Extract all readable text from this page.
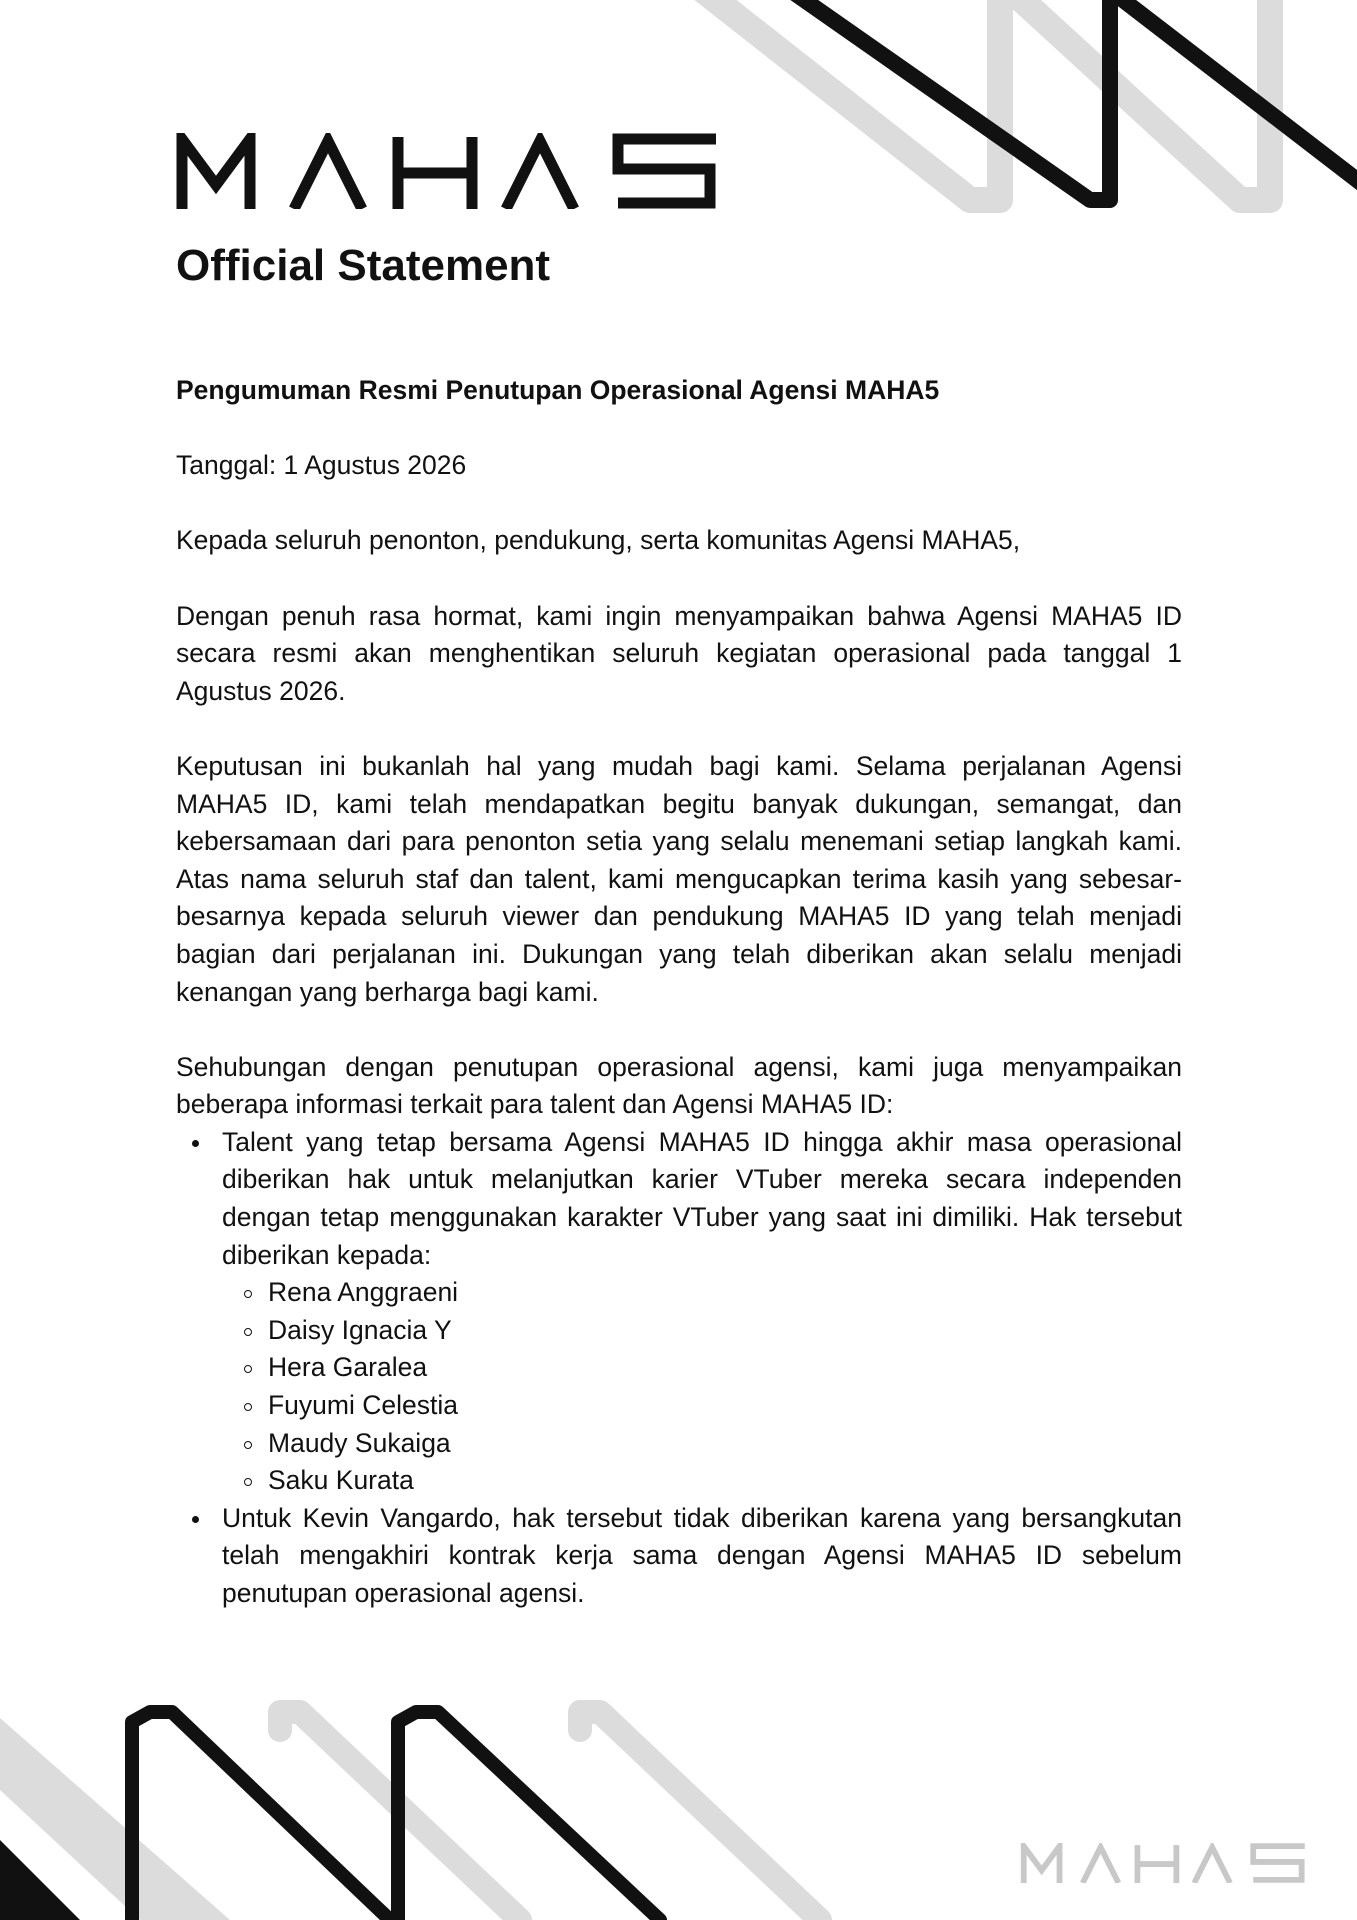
Official Statement

Pengumuman Resmi Penutupan Operasional Agensi MAHA5

Tanggal: 1 Agustus 2026

Kepada seluruh penonton, pendukung, serta komunitas Agensi MAHA5,

Dengan penuh rasa hormat, kami ingin menyampaikan bahwa Agensi MAHA5 ID secara resmi akan menghentikan seluruh kegiatan operasional pada tanggal 1 Agustus 2026.

Keputusan ini bukanlah hal yang mudah bagi kami. Selama perjalanan Agensi MAHA5 ID, kami telah mendapatkan begitu banyak dukungan, semangat, dan kebersamaan dari para penonton setia yang selalu menemani setiap langkah kami. Atas nama seluruh staf dan talent, kami mengucapkan terima kasih yang sebesar-besarnya kepada seluruh viewer dan pendukung MAHA5 ID yang telah menjadi bagian dari perjalanan ini. Dukungan yang telah diberikan akan selalu menjadi kenangan yang berharga bagi kami.

Sehubungan dengan penutupan operasional agensi, kami juga menyampaikan beberapa informasi terkait para talent dan Agensi MAHA5 ID:

Talent yang tetap bersama Agensi MAHA5 ID hingga akhir masa operasional diberikan hak untuk melanjutkan karier VTuber mereka secara independen dengan tetap menggunakan karakter VTuber yang saat ini dimiliki. Hak tersebut diberikan kepada:
Rena Anggraeni
Daisy Ignacia Y
Hera Garalea
Fuyumi Celestia
Maudy Sukaiga
Saku Kurata
Untuk Kevin Vangardo, hak tersebut tidak diberikan karena yang bersangkutan telah mengakhiri kontrak kerja sama dengan Agensi MAHA5 ID sebelum penutupan operasional agensi.
